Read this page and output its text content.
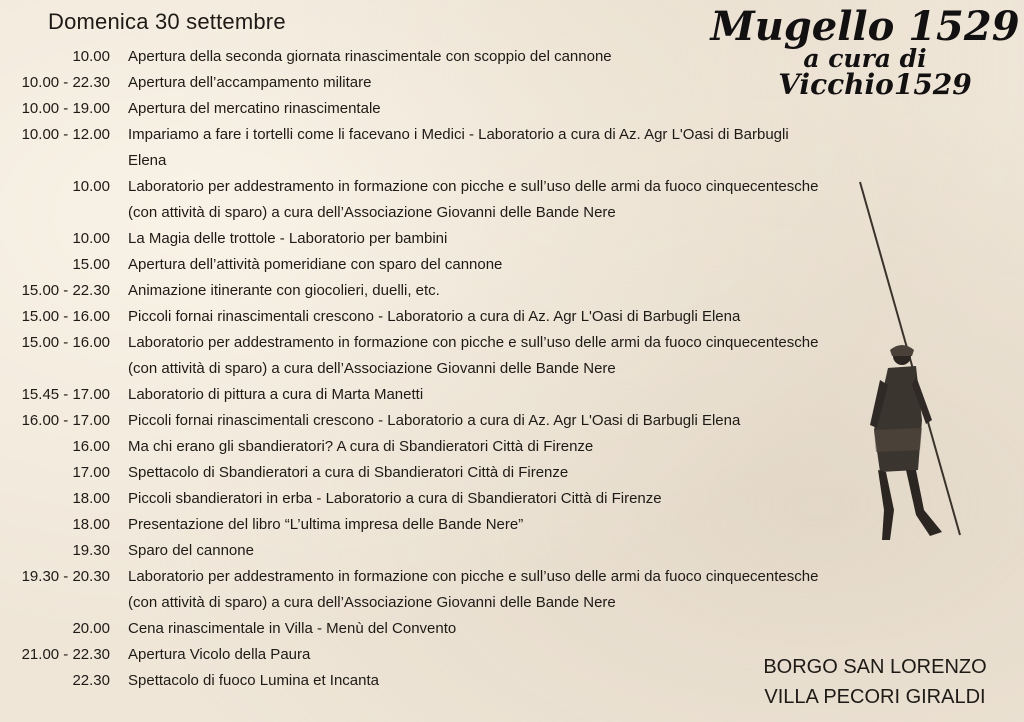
Domenica 30 settembre
10.00 Apertura della seconda giornata rinascimentale con scoppio del cannone
10.00 - 22.30 Apertura dell’accampamento militare
10.00 - 19.00 Apertura del mercatino rinascimentale
10.00 - 12.00 Impariamo a fare i tortelli come li facevano i Medici - Laboratorio a cura di Az. Agr L'Oasi di Barbugli Elena
10.00 Laboratorio per addestramento in formazione con picche e sull’uso delle armi da fuoco cinquecentesche (con attività di sparo) a cura dell’Associazione Giovanni delle Bande Nere
10.00 La Magia delle trottole - Laboratorio per bambini
15.00 Apertura dell’attività pomeridiane con sparo del cannone
15.00 - 22.30 Animazione itinerante con giocolieri, duelli, etc.
15.00 - 16.00 Piccoli fornai rinascimentali crescono - Laboratorio a cura di Az. Agr L'Oasi di Barbugli Elena
15.00 - 16.00 Laboratorio per addestramento in formazione con picche e sull’uso delle armi da fuoco cinquecentesche (con attività di sparo) a cura dell’Associazione Giovanni delle Bande Nere
15.45 - 17.00 Laboratorio di pittura a cura di Marta Manetti
16.00 - 17.00 Piccoli fornai rinascimentali crescono - Laboratorio a cura di Az. Agr L'Oasi di Barbugli Elena
16.00 Ma chi erano gli sbandieratori? A cura di Sbandieratori Città di Firenze
17.00 Spettacolo di Sbandieratori a cura di Sbandieratori Città di Firenze
18.00 Piccoli sbandieratori in erba - Laboratorio a cura di Sbandieratori Città di Firenze
18.00 Presentazione del libro “L’ultima impresa delle Bande Nere”
19.30 Sparo del cannone
19.30 - 20.30 Laboratorio per addestramento in formazione con picche e sull’uso delle armi da fuoco cinquecentesche (con attività di sparo) a cura dell’Associazione Giovanni delle Bande Nere
20.00 Cena rinascimentale in Villa - Menù del Convento
21.00 - 22.30 Apertura Vicolo della Paura
22.30 Spettacolo di fuoco Lumina et Incanta
Mugello 1529
a cura di
Vicchio1529
BORGO SAN LORENZO
VILLA PECORI GIRALDI
